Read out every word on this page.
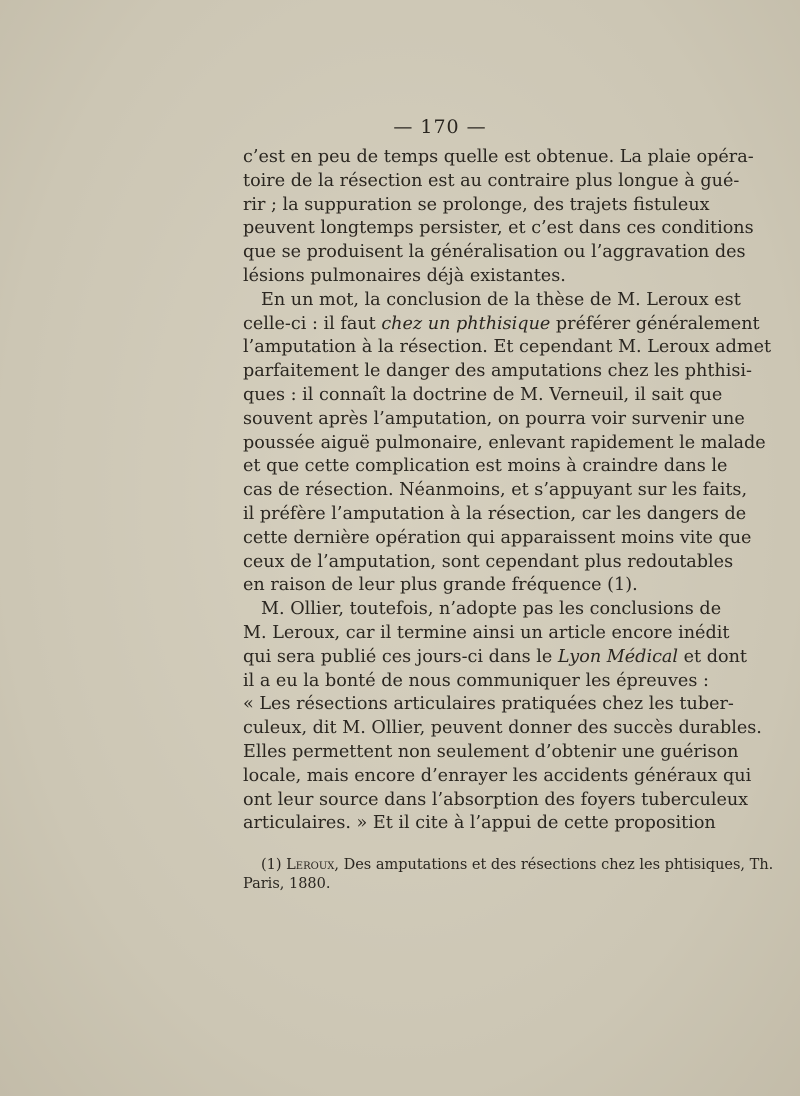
— 170 —
c’est en peu de temps quelle est obtenue. La plaie opéra-
toire de la résection est au contraire plus longue à gué-
rir ; la suppuration se prolonge, des trajets fistuleux
peuvent longtemps persister, et c’est dans ces conditions
que se produisent la généralisation ou l’aggravation des
lésions pulmonaires déjà existantes.
En un mot, la conclusion de la thèse de M. Leroux est
celle-ci : il faut chez un phthisique préférer généralement
l’amputation à la résection. Et cependant M. Leroux admet
parfaitement le danger des amputations chez les phthisi-
ques : il connaît la doctrine de M. Verneuil, il sait que
souvent après l’amputation, on pourra voir survenir une
poussée aiguë pulmonaire, enlevant rapidement le malade
et que cette complication est moins à craindre dans le
cas de résection. Néanmoins, et s’appuyant sur les faits,
il préfère l’amputation à la résection, car les dangers de
cette dernière opération qui apparaissent moins vite que
ceux de l’amputation, sont cependant plus redoutables
en raison de leur plus grande fréquence (1).
M. Ollier, toutefois, n’adopte pas les conclusions de
M. Leroux, car il termine ainsi un article encore inédit
qui sera publié ces jours-ci dans le Lyon Médical et dont
il a eu la bonté de nous communiquer les épreuves :
« Les résections articulaires pratiquées chez les tuber-
culeux, dit M. Ollier, peuvent donner des succès durables.
Elles permettent non seulement d’obtenir une guérison
locale, mais encore d’enrayer les accidents généraux qui
ont leur source dans l’absorption des foyers tuberculeux
articulaires. » Et il cite à l’appui de cette proposition
(1) Leroux, Des amputations et des résections chez les phtisiques, Th.
Paris, 1880.
